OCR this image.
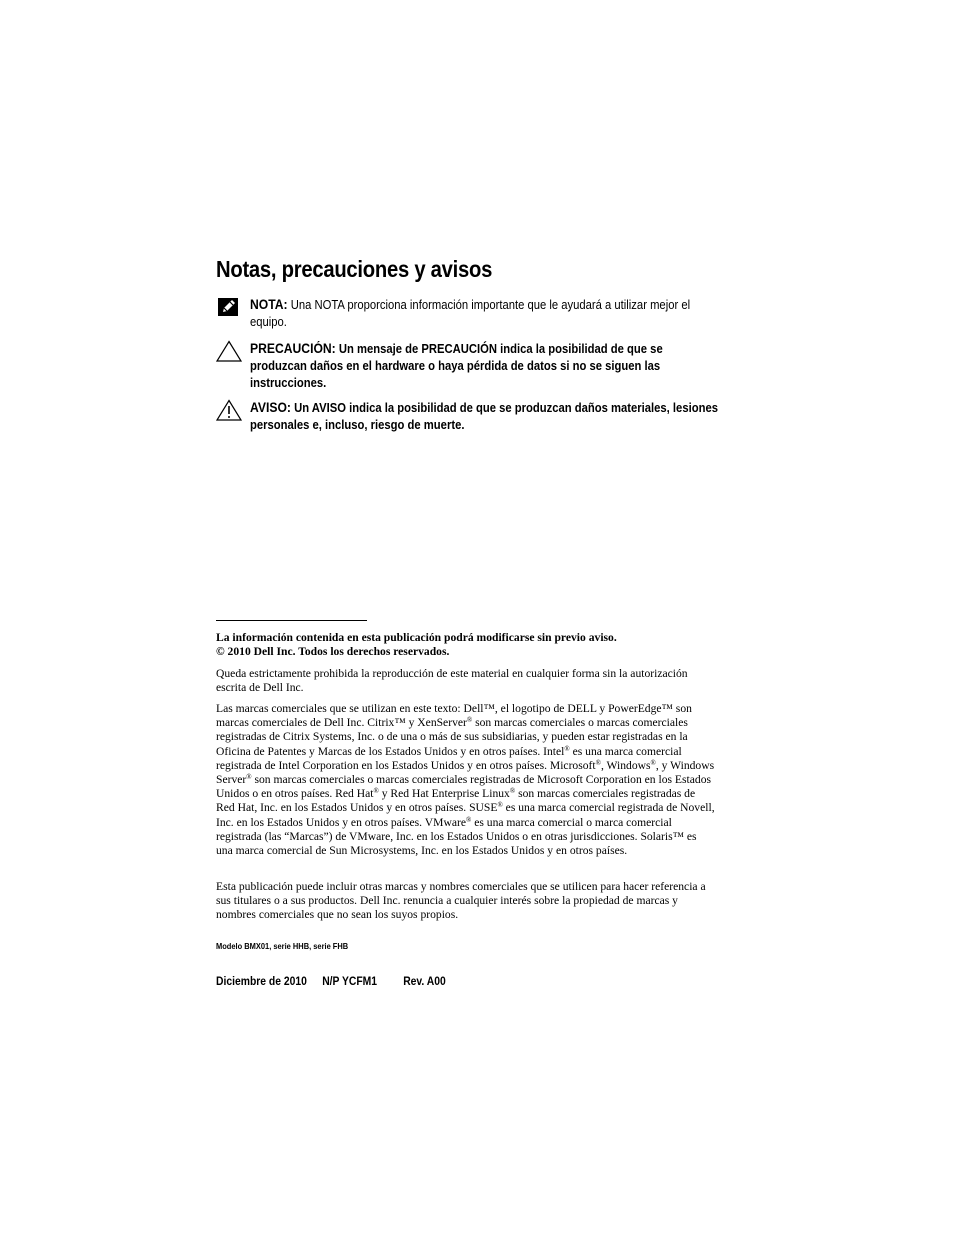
Notas, precauciones y avisos
NOTA: Una NOTA proporciona información importante que le ayudará a utilizar mejor el equipo.
PRECAUCIÓN: Un mensaje de PRECAUCIÓN indica la posibilidad de que se produzcan daños en el hardware o haya pérdida de datos si no se siguen las instrucciones.
AVISO: Un AVISO indica la posibilidad de que se produzcan daños materiales, lesiones personales e, incluso, riesgo de muerte.

La información contenida en esta publicación podrá modificarse sin previo aviso.

© 2010 Dell Inc. Todos los derechos reservados.

Queda estrictamente prohibida la reproducción de este material en cualquier forma sin la autorización escrita de Dell Inc.

Las marcas comerciales que se utilizan en este texto: Dell™, el logotipo de DELL y PowerEdge™ son marcas comerciales de Dell Inc. Citrix™ y XenServer® son marcas comerciales o marcas comerciales registradas de Citrix Systems, Inc. o de una o más de sus subsidiarias, y pueden estar registradas en la Oficina de Patentes y Marcas de los Estados Unidos y en otros países. Intel® es una marca comercial registrada de Intel Corporation en los Estados Unidos y en otros países. Microsoft®, Windows®, y Windows Server® son marcas comerciales o marcas comerciales registradas de Microsoft Corporation en los Estados Unidos o en otros países. Red Hat® y Red Hat Enterprise Linux® son marcas comerciales registradas de Red Hat, Inc. en los Estados Unidos y en otros países. SUSE® es una marca comercial registrada de Novell, Inc. en los Estados Unidos y en otros países. VMware® es una marca comercial o marca comercial registrada (las “Marcas”) de VMware, Inc. en los Estados Unidos o en otras jurisdicciones. Solaris™ es una marca comercial de Sun Microsystems, Inc. en los Estados Unidos y en otros países.

Esta publicación puede incluir otras marcas y nombres comerciales que se utilicen para hacer referencia a sus titulares o a sus productos. Dell Inc. renuncia a cualquier interés sobre la propiedad de marcas y nombres comerciales que no sean los suyos propios.

Modelo BMX01, serie HHB, serie FHB
Diciembre de 2010 N/P YCFM1 Rev. A00
